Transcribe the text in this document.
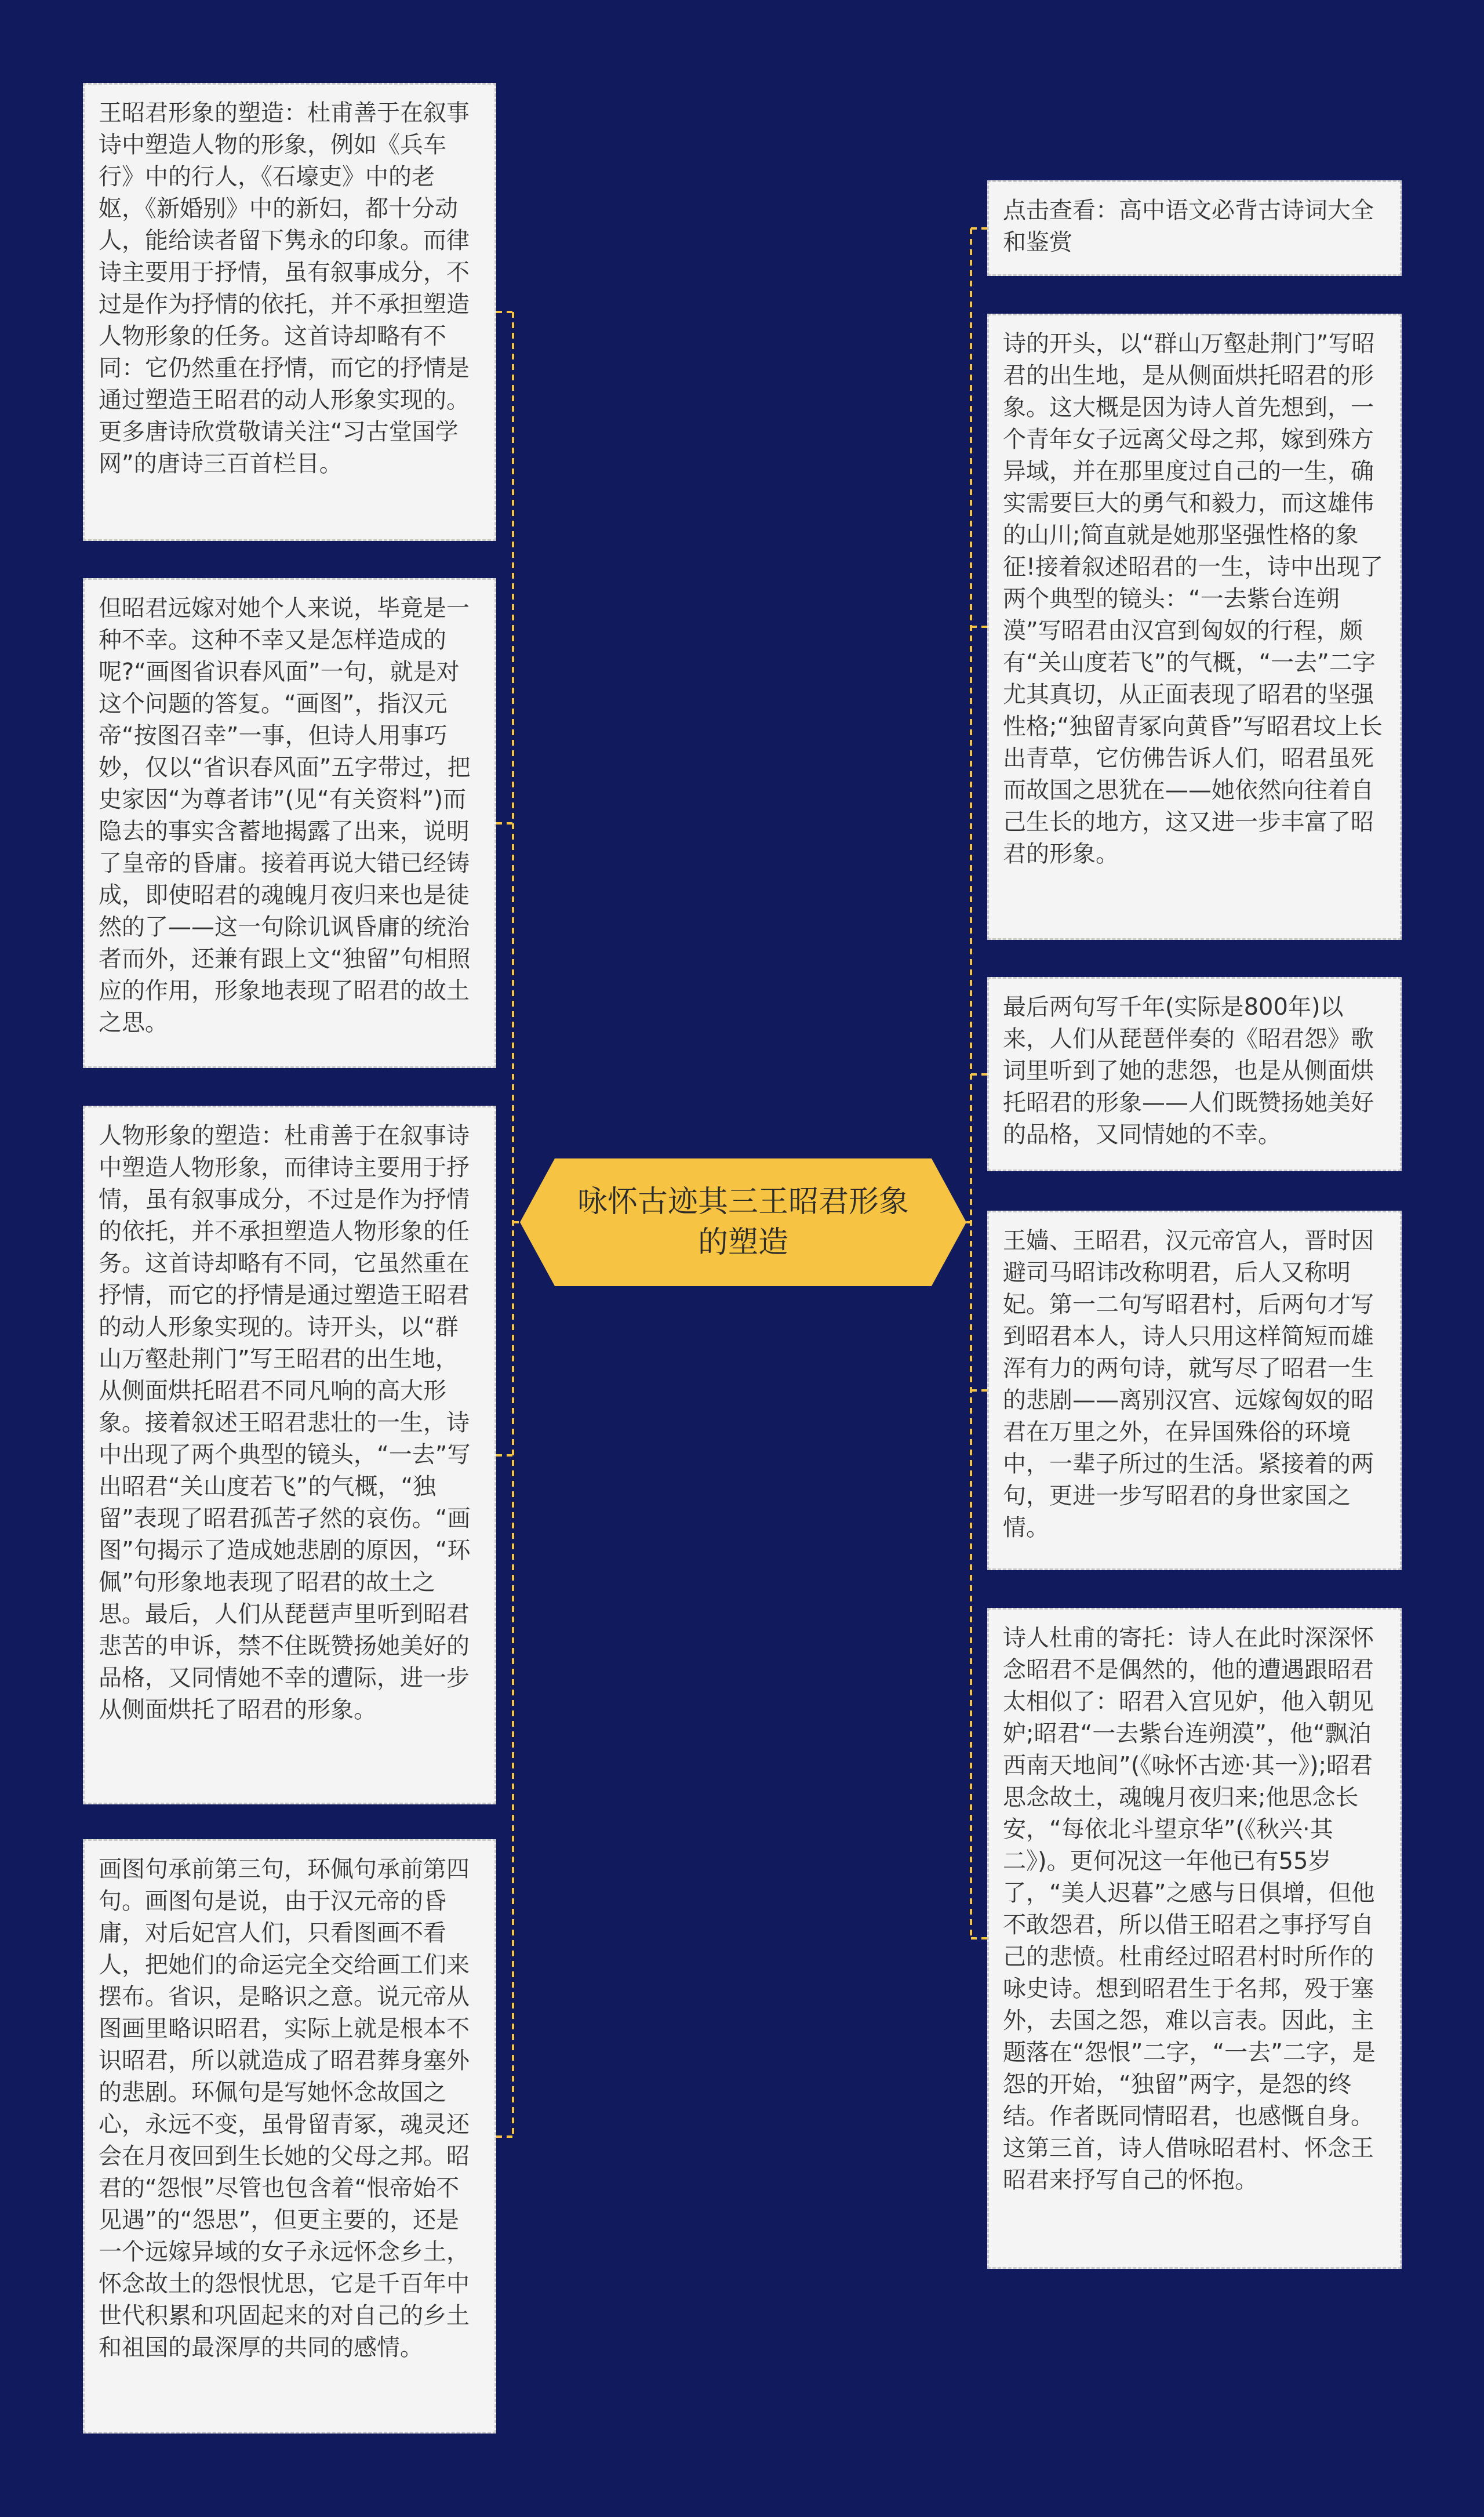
咏怀古迹其三王昭君形象的塑造
王昭君形象的塑造：杜甫善于在叙事诗中塑造人物的形象，例如《兵车行》中的行人，《石壕吏》中的老妪，《新婚别》中的新妇，都十分动人，能给读者留下隽永的印象。而律诗主要用于抒情，虽有叙事成分，不过是作为抒情的依托，并不承担塑造人物形象的任务。这首诗却略有不同：它仍然重在抒情，而它的抒情是通过塑造王昭君的动人形象实现的。更多唐诗欣赏敬请关注“习古堂国学网”的唐诗三百首栏目。
但昭君远嫁对她个人来说，毕竟是一种不幸。这种不幸又是怎样造成的呢?“画图省识春风面”一句，就是对这个问题的答复。“画图”，指汉元帝“按图召幸”一事，但诗人用事巧妙，仅以“省识春风面”五字带过，把史家因“为尊者讳”(见“有关资料”)而隐去的事实含蓄地揭露了出来，说明了皇帝的昏庸。接着再说大错已经铸成，即使昭君的魂魄月夜归来也是徒然的了——这一句除讥讽昏庸的统治者而外，还兼有跟上文“独留”句相照应的作用，形象地表现了昭君的故土之思。
人物形象的塑造：杜甫善于在叙事诗中塑造人物形象，而律诗主要用于抒情，虽有叙事成分，不过是作为抒情的依托，并不承担塑造人物形象的任务。这首诗却略有不同，它虽然重在抒情，而它的抒情是通过塑造王昭君的动人形象实现的。诗开头，以“群山万壑赴荆门”写王昭君的出生地，从侧面烘托昭君不同凡响的高大形象。接着叙述王昭君悲壮的一生，诗中出现了两个典型的镜头，“一去”写出昭君“关山度若飞”的气概，“独留”表现了昭君孤苦孑然的哀伤。“画图”句揭示了造成她悲剧的原因，“环佩”句形象地表现了昭君的故土之思。最后，人们从琵琶声里听到昭君悲苦的申诉，禁不住既赞扬她美好的品格，又同情她不幸的遭际，进一步从侧面烘托了昭君的形象。
画图句承前第三句，环佩句承前第四句。画图句是说，由于汉元帝的昏庸，对后妃宫人们，只看图画不看人，把她们的命运完全交给画工们来摆布。省识，是略识之意。说元帝从图画里略识昭君，实际上就是根本不识昭君，所以就造成了昭君葬身塞外的悲剧。环佩句是写她怀念故国之心，永远不变，虽骨留青冢，魂灵还会在月夜回到生长她的父母之邦。昭君的“怨恨”尽管也包含着“恨帝始不见遇”的“怨思”，但更主要的，还是一个远嫁异域的女子永远怀念乡土，怀念故土的怨恨忧思，它是千百年中世代积累和巩固起来的对自己的乡土和祖国的最深厚的共同的感情。
点击查看：高中语文必背古诗词大全和鉴赏
诗的开头，以“群山万壑赴荆门”写昭君的出生地，是从侧面烘托昭君的形象。这大概是因为诗人首先想到，一个青年女子远离父母之邦，嫁到殊方异域，并在那里度过自己的一生，确实需要巨大的勇气和毅力，而这雄伟的山川;简直就是她那坚强性格的象征!接着叙述昭君的一生，诗中出现了两个典型的镜头：“一去紫台连朔漠”写昭君由汉宫到匈奴的行程，颇有“关山度若飞”的气概，“一去”二字尤其真切，从正面表现了昭君的坚强性格;“独留青冢向黄昏”写昭君坟上长出青草，它仿佛告诉人们，昭君虽死而故国之思犹在——她依然向往着自己生长的地方，这又进一步丰富了昭君的形象。
最后两句写千年(实际是800年)以来，人们从琵琶伴奏的《昭君怨》歌词里听到了她的悲怨，也是从侧面烘托昭君的形象——人们既赞扬她美好的品格，又同情她的不幸。
王嫱、王昭君，汉元帝宫人，晋时因避司马昭讳改称明君，后人又称明妃。第一二句写昭君村，后两句才写到昭君本人，诗人只用这样简短而雄浑有力的两句诗，就写尽了昭君一生的悲剧——离别汉宫、远嫁匈奴的昭君在万里之外，在异国殊俗的环境中，一辈子所过的生活。紧接着的两句，更进一步写昭君的身世家国之情。
诗人杜甫的寄托：诗人在此时深深怀念昭君不是偶然的，他的遭遇跟昭君太相似了：昭君入宫见妒，他入朝见妒;昭君“一去紫台连朔漠”，他“飘泊西南天地间”(《咏怀古迹·其一》);昭君思念故土，魂魄月夜归来;他思念长安，“每依北斗望京华”(《秋兴·其二》)。更何况这一年他已有55岁了，“美人迟暮”之感与日俱增，但他不敢怨君，所以借王昭君之事抒写自己的悲愤。杜甫经过昭君村时所作的咏史诗。想到昭君生于名邦，殁于塞外，去国之怨，难以言表。因此，主题落在“怨恨”二字，“一去”二字，是怨的开始，“独留”两字，是怨的终结。作者既同情昭君，也感慨自身。这第三首，诗人借咏昭君村、怀念王昭君来抒写自己的怀抱。
